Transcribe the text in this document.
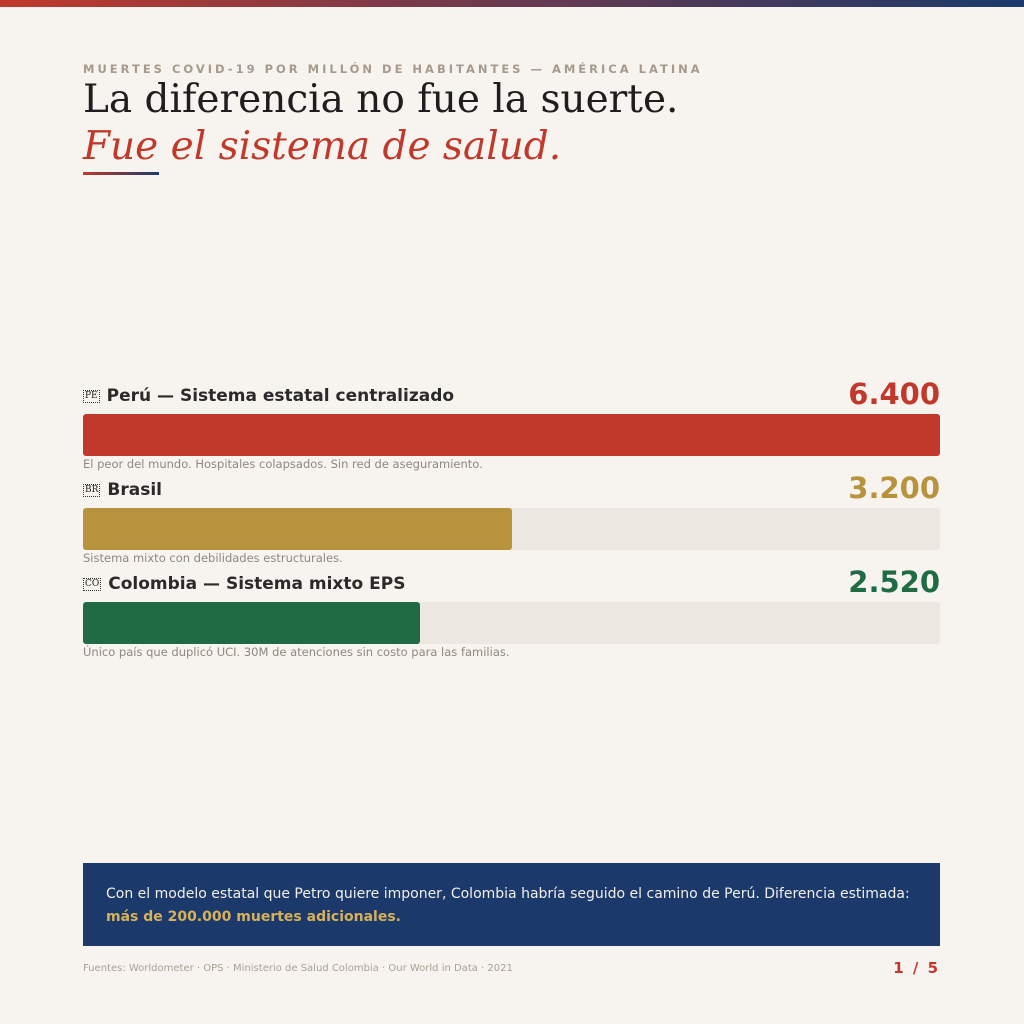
MUERTES COVID-19 POR MILLÓN DE HABITANTES — AMÉRICA LATINA
La diferencia no fue la suerte.
Fue el sistema de salud.
PE Perú — Sistema estatal centralizado	6.400
El peor del mundo. Hospitales colapsados. Sin red de aseguramiento.
BR Brasil	3.200
Sistema mixto con debilidades estructurales.
CO Colombia — Sistema mixto EPS	2.520
Único país que duplicó UCI. 30M de atenciones sin costo para las familias.

Con el modelo estatal que Petro quiere imponer, Colombia habría seguido el camino de Perú. Diferencia estimada: más de 200.000 muertes adicionales.

Fuentes: Worldometer · OPS · Ministerio de Salud Colombia · Our World in Data · 2021	1 / 5
